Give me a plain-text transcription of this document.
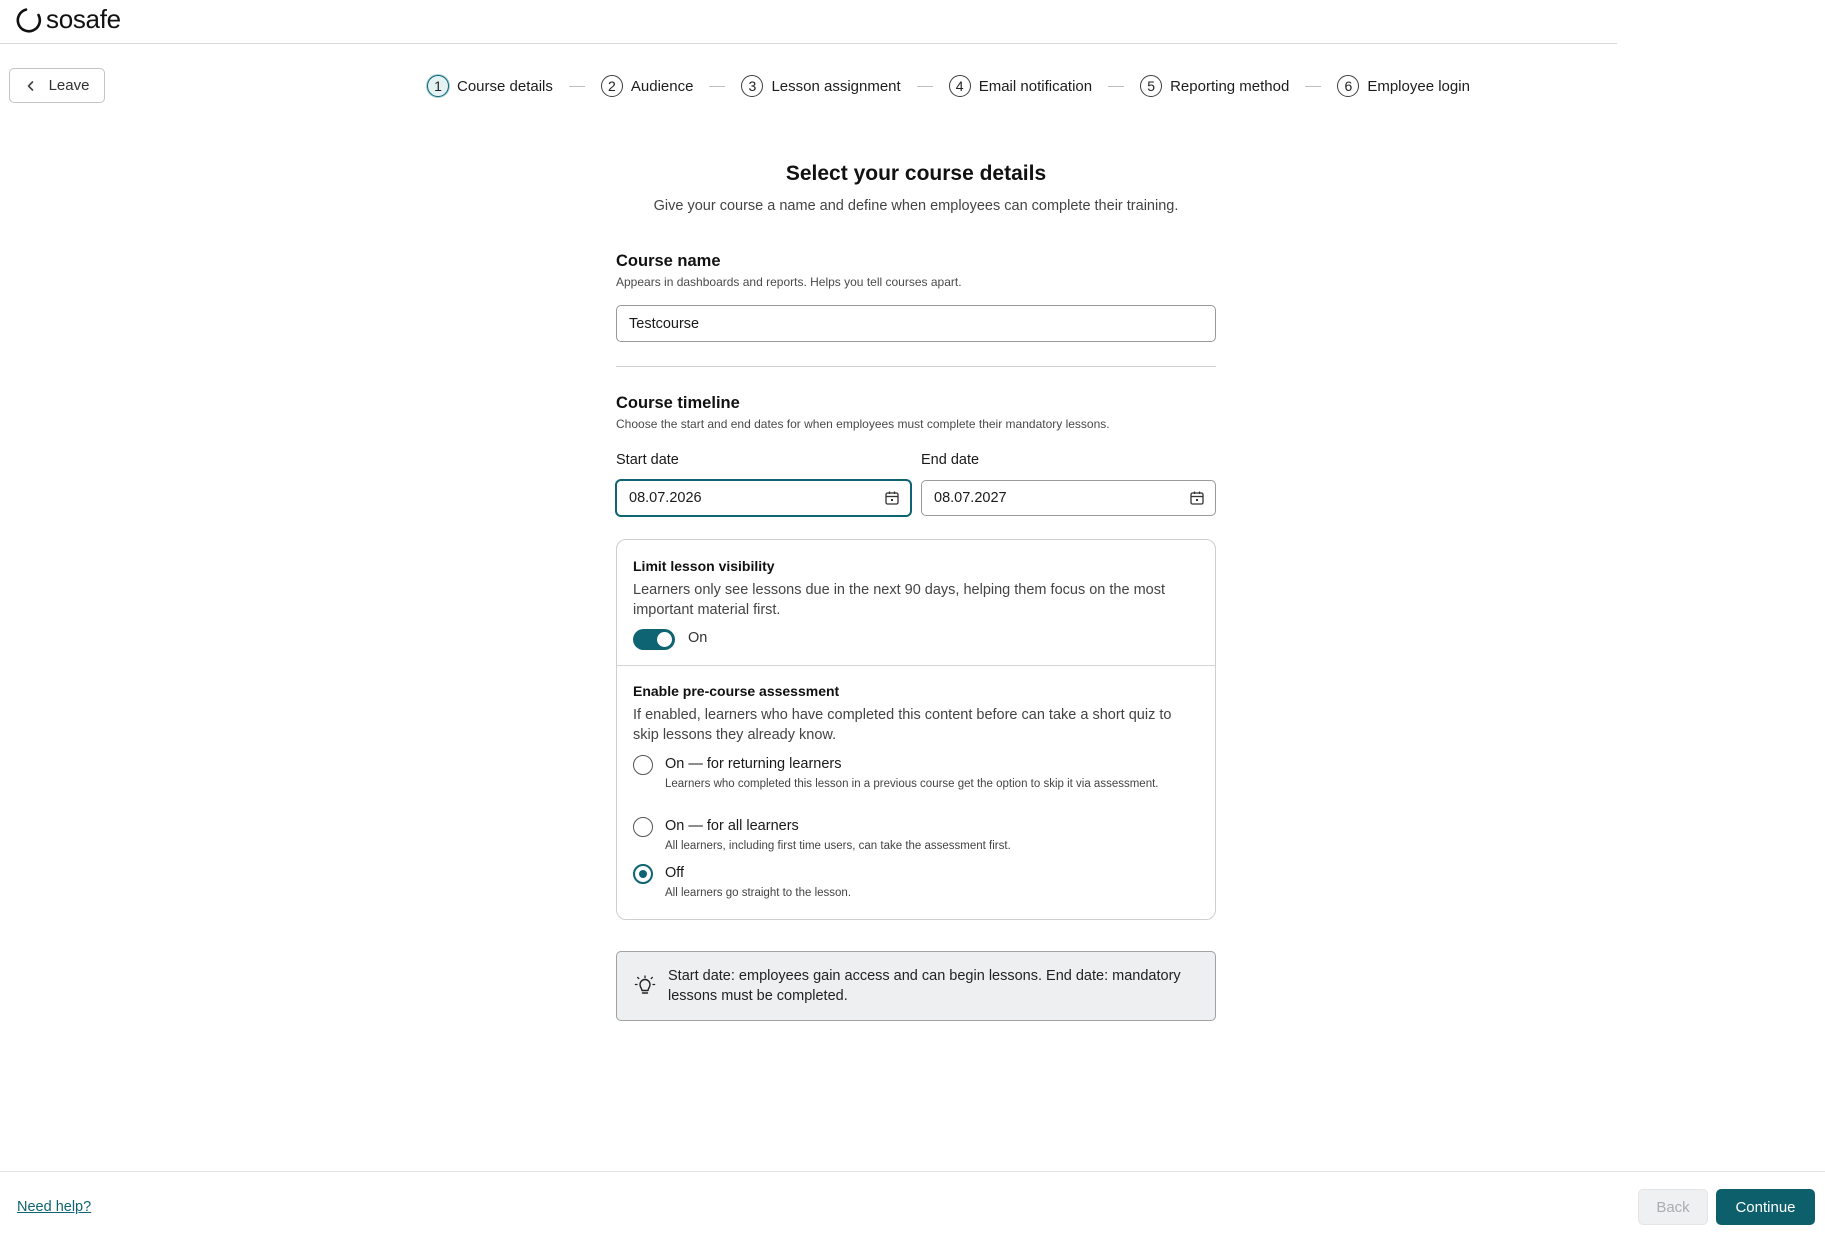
sosafe
Leave	1	Course details	2	Audience	3	Lesson assignment	4	Email notification	5	Reporting method	6	Employee login
Select your course details
Give your course a name and define when employees can complete their training.
Course name
Appears in dashboards and reports. Helps you tell courses apart.
Testcourse
Course timeline
Choose the start and end dates for when employees must complete their mandatory lessons.
Start date	End date
08.07.2026	08.07.2027
Limit lesson visibility
Learners only see lessons due in the next 90 days, helping them focus on the most important material first.
On
Enable pre-course assessment
If enabled, learners who have completed this content before can take a short quiz to skip lessons they already know.
On — for returning learners
Learners who completed this lesson in a previous course get the option to skip it via assessment.
On — for all learners
All learners, including first time users, can take the assessment first.
Off
All learners go straight to the lesson.
Start date: employees gain access and can begin lessons. End date: mandatory lessons must be completed.
Need help?	Back	Continue
